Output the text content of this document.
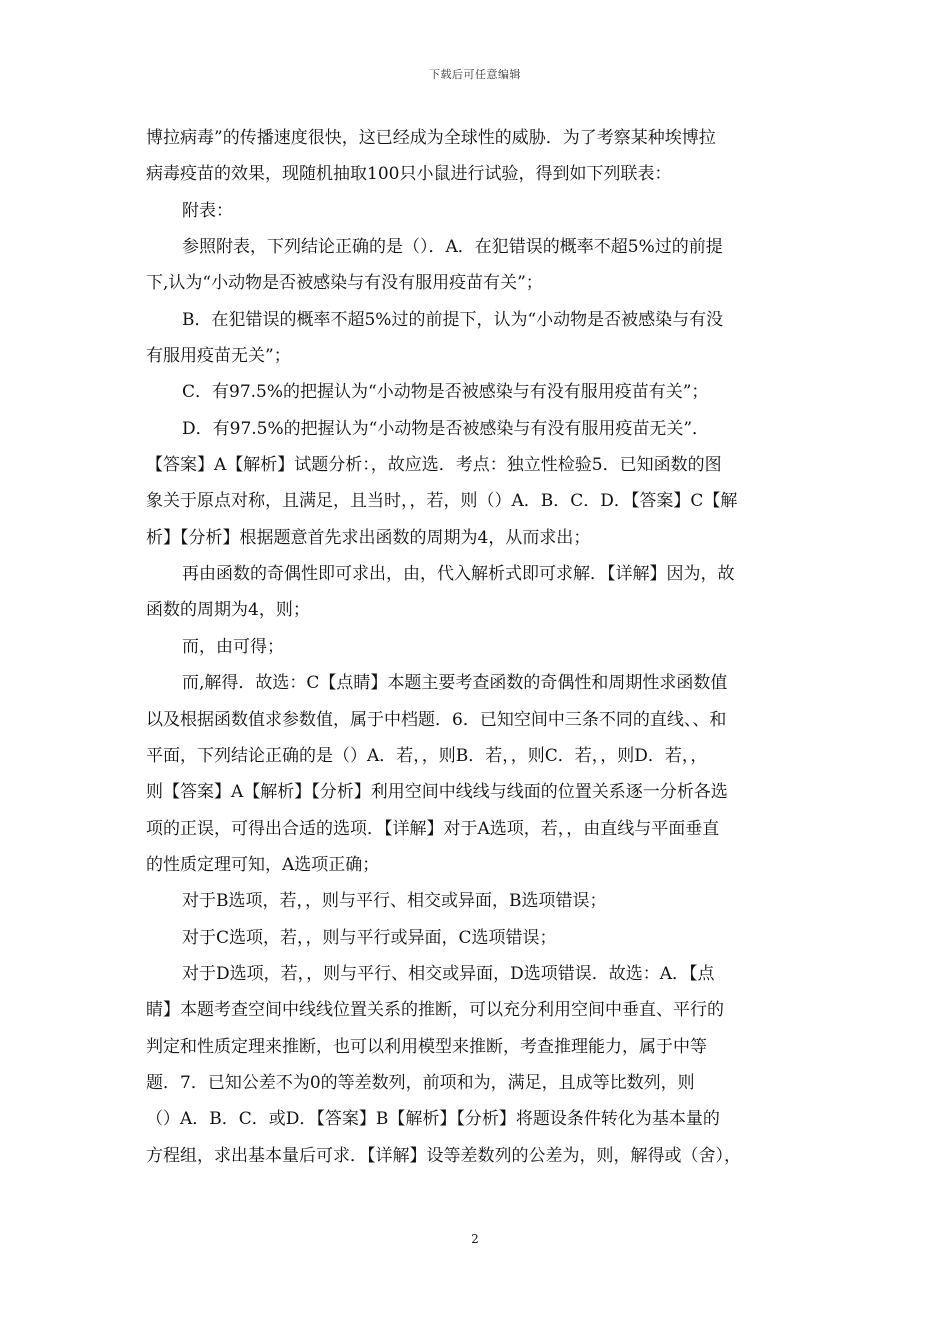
下载后可任意编辑
博拉病毒”的传播速度很快，这已经成为全球性的威胁．为了考察某种埃博拉
病毒疫苗的效果，现随机抽取100只小鼠进行试验，得到如下列联表：
附表：
参照附表，下列结论正确的是（）．A．在犯错误的概率不超5%过的前提
下,认为“小动物是否被感染与有没有服用疫苗有关”；
B．在犯错误的概率不超5%过的前提下，认为“小动物是否被感染与有没
有服用疫苗无关”；
C．有97.5%的把握认为“小动物是否被感染与有没有服用疫苗有关”；
D．有97.5%的把握认为“小动物是否被感染与有没有服用疫苗无关”．
【答案】A【解析】试题分析：，故应选．考点：独立性检验5．已知函数的图
象关于原点对称，且满足，且当时，，若，则（）A．B．C．D．【答案】C【解
析】【分析】根据题意首先求出函数的周期为4，从而求出；
再由函数的奇偶性即可求出，由，代入解析式即可求解．【详解】因为，故
函数的周期为4，则；
而，由可得；
而,解得．故选：C【点睛】本题主要考查函数的奇偶性和周期性求函数值
以及根据函数值求参数值，属于中档题．6．已知空间中三条不同的直线、、和
平面，下列结论正确的是（）A．若，，则B．若，，则C．若，，则D．若，，
则【答案】A【解析】【分析】利用空间中线线与线面的位置关系逐一分析各选
项的正误，可得出合适的选项．【详解】对于A选项，若，，由直线与平面垂直
的性质定理可知，A选项正确；
对于B选项，若，，则与平行、相交或异面，B选项错误；
对于C选项，若，，则与平行或异面，C选项错误；
对于D选项，若，，则与平行、相交或异面，D选项错误．故选：A．【点
睛】本题考查空间中线线位置关系的推断，可以充分利用空间中垂直、平行的
判定和性质定理来推断，也可以利用模型来推断，考查推理能力，属于中等
题．7．已知公差不为0的等差数列，前项和为，满足，且成等比数列，则
（）A．B．C．或D．【答案】B【解析】【分析】将题设条件转化为基本量的
方程组，求出基本量后可求．【详解】设等差数列的公差为，则，解得或（舍），
2
